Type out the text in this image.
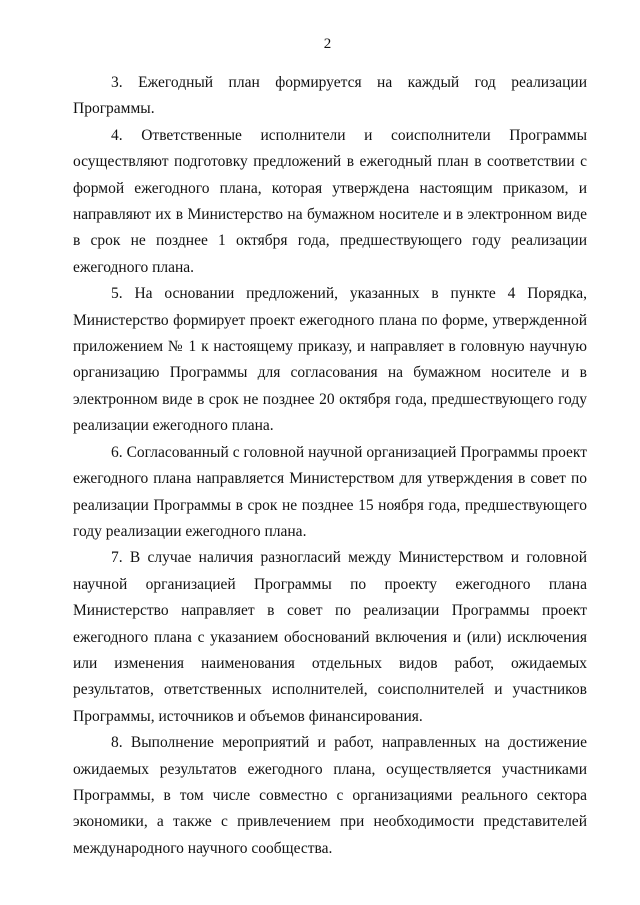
2

3. Ежегодный план формируется на каждый год реализации Программы.

4. Ответственные исполнители и соисполнители Программы осуществляют подготовку предложений в ежегодный план в соответствии с формой ежегодного плана, которая утверждена настоящим приказом, и направляют их в Министерство на бумажном носителе и в электронном виде в срок не позднее 1 октября года, предшествующего году реализации ежегодного плана.

5. На основании предложений, указанных в пункте 4 Порядка, Министерство формирует проект ежегодного плана по форме, утвержденной приложением № 1 к настоящему приказу, и направляет в головную научную организацию Программы для согласования на бумажном носителе и в электронном виде в срок не позднее 20 октября года, предшествующего году реализации ежегодного плана.

6. Согласованный с головной научной организацией Программы проект ежегодного плана направляется Министерством для утверждения в совет по реализации Программы в срок не позднее 15 ноября года, предшествующего году реализации ежегодного плана.

7. В случае наличия разногласий между Министерством и головной научной организацией Программы по проекту ежегодного плана Министерство направляет в совет по реализации Программы проект ежегодного плана с указанием обоснований включения и (или) исключения или изменения наименования отдельных видов работ, ожидаемых результатов, ответственных исполнителей, соисполнителей и участников Программы, источников и объемов финансирования.

8. Выполнение мероприятий и работ, направленных на достижение ожидаемых результатов ежегодного плана, осуществляется участниками Программы, в том числе совместно с организациями реального сектора экономики, а также с привлечением при необходимости представителей международного научного сообщества.
